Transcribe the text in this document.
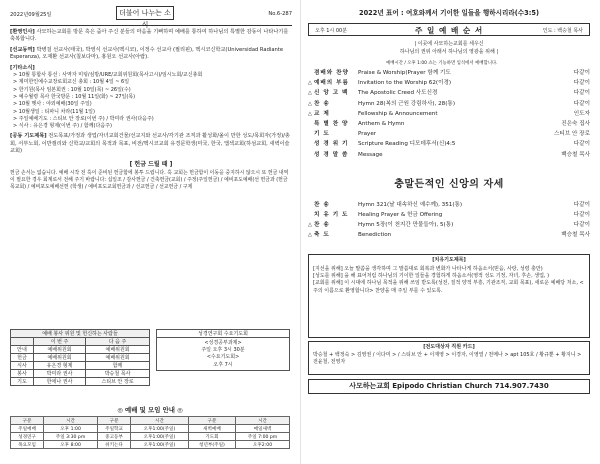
2022년09월25일	더불어 나누는 소식
No.6-287
[환영인사] 사모하는교회를 방문 혹은 줌아 주신 분들의 마음을 기뻐하며 예배를 통하여 하나님의 특별한 감동이 나타나기를 축복합니다.
[선교동역] 박병걸 선교사(태국), 박영식 선교사(멕시코), 이정수 선교사 (필리핀), 멕시코신학교(Universidad Radiante Esperanza), 오재환 선교사(칠보다마), 홍원오 선교사(아랍).
[기타소식]
> 10월 통합사 통선 : 사역자 미팅/심방/URE/교회위원회(목사고시)/임시노회/교신총회
> 제미한인예수교장로회교신 총회 : 10월 4일 ~ 6일
> 한기원(목사 임본회권 : 10월 10일(목) ~ 26일(수)
> 예수월령 목사 한국방문 : 10월 11일(화) ~ 27일(목)
> 10월 헷사 : 야외예배(30일 주일)
> 10월생일 : 티파니 차라(11월 1일)
> 주일예배기도 : 스티브 안 장로(이번 주) / 박미라 권사(다음주)
> 식사 : 유은경 형제(이번 주) / 함께(다음주)
[공동 기도제목] 전도목표/가정과 생업/자녀교회건물/선교지와 선교사/각기관 조직과 활성화/올이 만한 성도/목회자(가정)/총회, 서부노회, 이반캘리와 신학교/교회의 목적과 목표, 비전/멕시코교회 유경문학생(미국, 한국, 앱섹교회(하섬교회, 새벽이슬교회)
[ 헌금 드릴 때 ]
헌금 손서는 없습니다. 예배 시작 전 혹이 준비된 헌금함에 봉투 드립니다. 혹 교회는 헌금함이 이동을 중지하시 않으시 또 헌금 내역이 필요한 경우 회계로서 전해 주기 바랍니다: 십일조 / 감사헌금 / 건축헌금(교회) / 주정(주일헌금) / 예비포도예배(선 헌금과 (헌금목교회) / 예비포도예배선헌 (학생) / 예비포도교회헌금과 / 선교헌금 / 선교헌금 / 구제
예배 봉사 위원 및 헌신하는 사람들		
	이 번 주	다 음 주
안내	예배위원회	예배위원회
헌금	예배위원회	예배위원회
식사	유은경 형제	함께
봉사	박미라 권사	박승철 목사
기도	한애나 권사	스티브 안 장로
성경연구회 수요기도회
<성경공부과제>
주일 오후 3시 30분
<수요기도회>
오후 7시
◎ 예배 및 모임 안내 ◎
구분	시간	구분	시간	구분	시간
주일예배	오후 1:00	주일학교	오후1:00(주일)	새벽예배	매일새벽
성경연구	주일 3:30 pm	중고등부	오후1:00(주일)	기도회	주일 7:00 pm
목요모임	오후 8:00	쉬키는다	오후1:00(주일)	청년부(주일)	오후2:00
2022년 표어 : 여호와께서 기이한 일들을 행하시리라(수3:5)
오후 1시 00분	주 일 예 배 순 서	인도 : 백승철 목사
| 이곳에 사모하는교회를 세우신
하나님의 권위 아래서 하나님의 영광을 위해 |
예배시간 / 오후 1:00 쇼는 기능하면 입석에서 예배합니다.
겸배와 찬양	Praise & Worship(Prayer 함께 기도	다같이
△ 예배의 부름	Invitation to the Worship 62(이경)	다같이
△ 신 앙 고 백	The Apostolic Creed 사도신경	다같이
△ 찬 송	Hymn 28(복의 근원 강림하사), 28(통)	다같이
△ 교 제	Fellowship & Announcement	인도자
특 별 찬 양	Anthem & Hymn	진은숙 집사
기 도	Prayer	스티브 안 장로
성 경 위 기	Scripture Reading 디모데후서(신)4:5	다같이
성 경 말 씀	Message	백승철 목사
충말든적인 신앙의 자세
찬 송	Hymn 321(날 대속하신 예수께), 351(통)	다같이
치 유 기 도	Healing Prayer & 헌금 Offering	다같이
△ 찬 송	Hymn 5장(이 천지간 만물들아), 5(통)	다같이
△ 축 도	Benediction	백승철 목사
[치유기도제목]
[지선을 위해] 오늘 말씀을 생각하며 그 말씀대로 회복과 변화가 나타나게 하옵소서(믿음, 사랑, 성령 충만)
[성도를 위해] 을 해 표어처럼 하나님의 기이한 일들을 경험하게 하옵소서(영적 성도 기정, 자녀, 후손, 생업, )
[교회를 위해] 이 시대에 하나님 목적을 위해 쓰임 받도록(성전, 질적 양적 부흥, 기관조직, 교회 목표), 새로운 예배당 처소, <주의 이름으로 환영합니다> 찬양을 매 주일 부를 수 있도록.
[전도대상자 직원 카드]
박승철 + 백정숙 > 김영권 / 이다미 > / 스티브 안 + 이재영 > 이경자, 이영열 / 천메나 > apt 105호 / 황규뿐 + 황지니 > 전윤철, 전영자
사모하는교회 Epipodo Christian Church 714.907.7430
